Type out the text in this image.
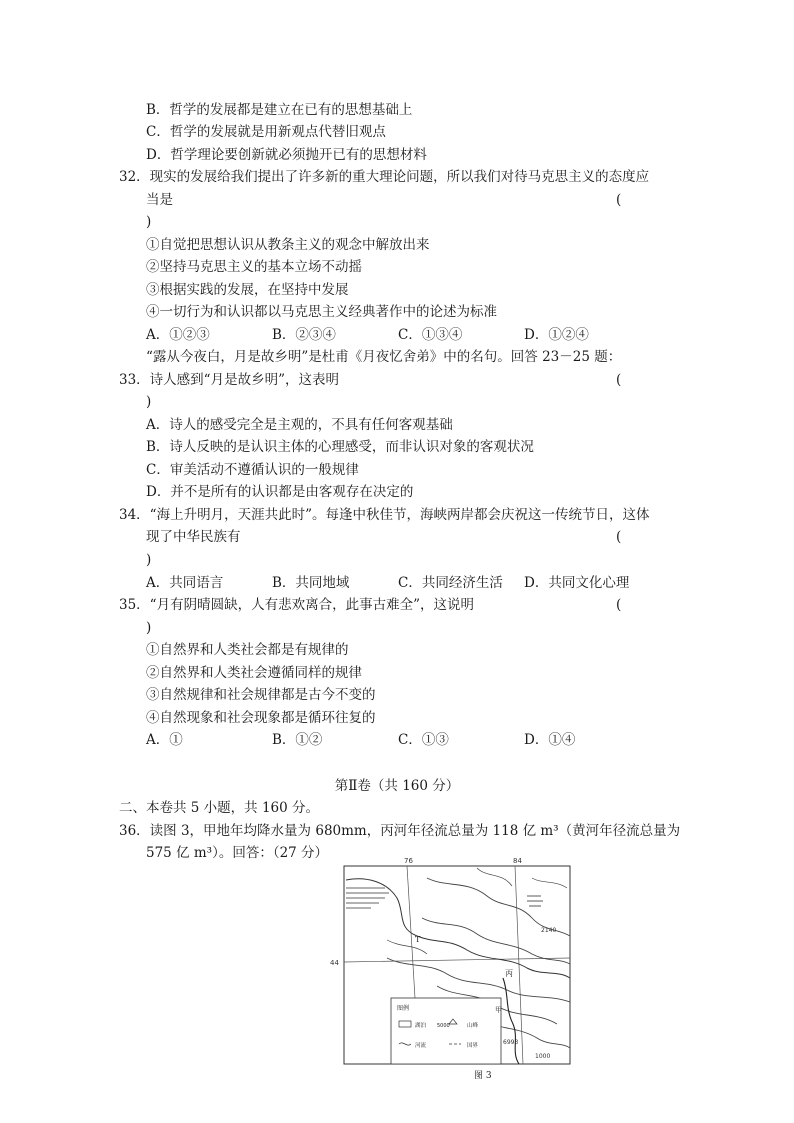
B．哲学的发展都是建立在已有的思想基础上
C．哲学的发展就是用新观点代替旧观点
D．哲学理论要创新就必须抛开已有的思想材料
32．现实的发展给我们提出了许多新的重大理论问题，所以我们对待马克思主义的态度应
当是	(
)
①自觉把思想认识从教条主义的观念中解放出来
②坚持马克思主义的基本立场不动摇
③根据实践的发展，在坚持中发展
④一切行为和认识都以马克思主义经典著作中的论述为标准
A．①②③	B．②③④	C．①③④	D．①②④
“露从今夜白，月是故乡明”是杜甫《月夜忆舍弟》中的名句。回答 23－25 题：
33．诗人感到“月是故乡明”，这表明	(
)
A．诗人的感受完全是主观的，不具有任何客观基础
B．诗人反映的是认识主体的心理感受，而非认识对象的客观状况
C．审美活动不遵循认识的一般规律
D．并不是所有的认识都是由客观存在决定的
34．“海上升明月，天涯共此时”。每逢中秋佳节，海峡两岸都会庆祝这一传统节日，这体
现了中华民族有	(
)
A．共同语言	B．共同地域	C．共同经济生活 D．共同文化心理
35．“月有阴晴圆缺，人有悲欢离合，此事古难全”，这说明	(
)
①自然界和人类社会都是有规律的
②自然界和人类社会遵循同样的规律
③自然规律和社会规律都是古今不变的
④自然现象和社会现象都是循环往复的
A．①	B．①②	C．①③	D．①④
第Ⅱ卷（共 160 分）
二、本卷共 5 小题，共 160 分。
36．读图 3，甲地年均降水量为 680mm，丙河年径流总量为 118 亿 m³（黄河年径流总量为
575 亿 m³）。回答：（27 分）	76	84
44
T
丙
甲
2140
6993
1000
图例
湖泊 5000	山峰
河流	国界
图 3
